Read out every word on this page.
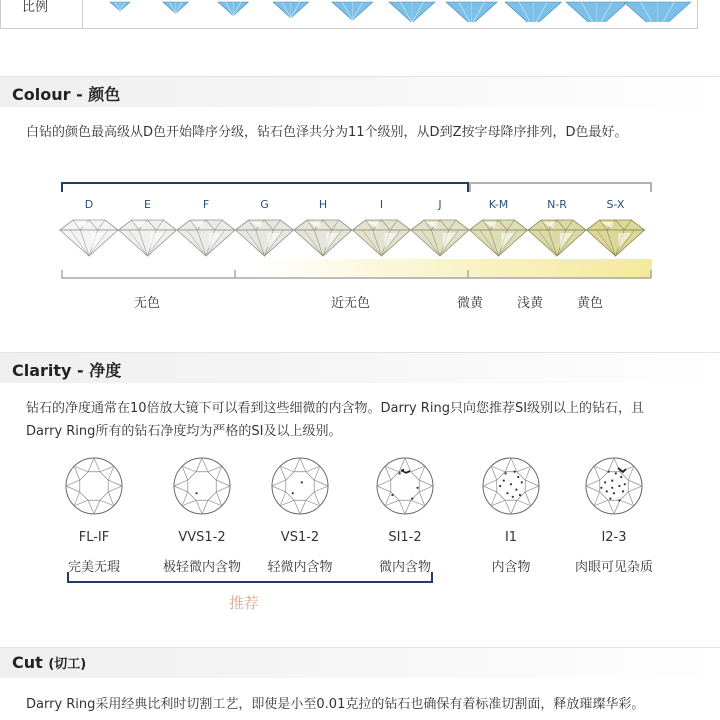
比例
Colour - 颜色
白钻的颜色最高级从D色开始降序分级，钻石色泽共分为11个级别，从D到Z按字母降序排列，D色最好。
D	E	F	G	H	I	J	K-M	N-R	S-X
无色	近无色	微黄	浅黄	黄色
Clarity - 净度
钻石的净度通常在10倍放大镜下可以看到这些细微的内含物。Darry Ring只向您推荐SI级别以上的钻石，且
Darry Ring所有的钻石净度均为严格的SI及以上级别。
FL-IF
完美无瑕
VVS1-2
极轻微内含物
VS1-2
轻微内含物
SI1-2
微内含物
I1
内含物
I2-3
肉眼可见杂质
推荐
Cut (切工)
Darry Ring采用经典比利时切割工艺，即使是小至0.01克拉的钻石也确保有着标准切割面，释放璀璨华彩。
